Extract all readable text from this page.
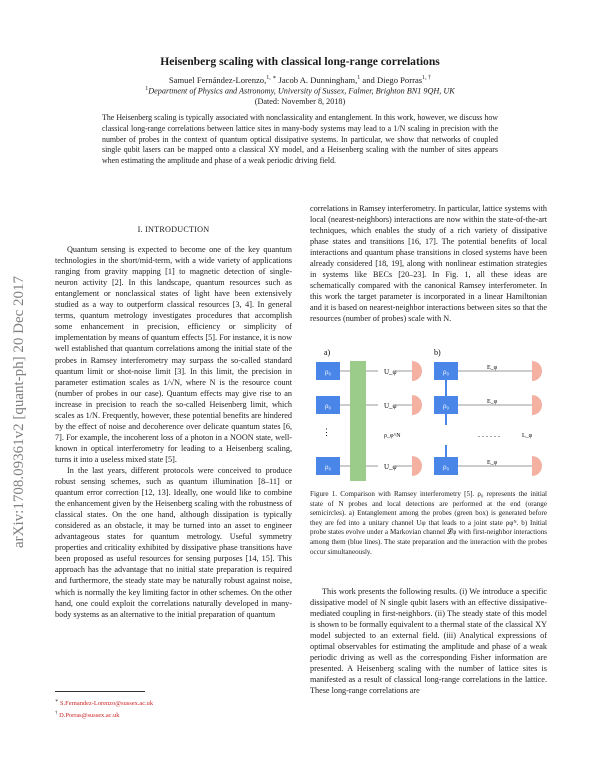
arXiv:1708.09361v2 [quant-ph] 20 Dec 2017
Heisenberg scaling with classical long-range correlations
Samuel Fernández-Lorenzo,$^{1, ∗}$ Jacob A. Dunningham,$^1$ and Diego Porras$^{1, \dagger}$
$^1$Department of Physics and Astronomy, University of Sussex, Falmer, Brighton BN1 9QH, UK
(Dated: November 8, 2018)
The Heisenberg scaling is typically associated with nonclassicality and entanglement. In this work, however, we discuss how classical long-range correlations between lattice sites in many-body systems may lead to a 1/N scaling in precision with the number of probes in the context of quantum optical dissipative systems. In particular, we show that networks of coupled single qubit lasers can be mapped onto a classical XY model, and a Heisenberg scaling with the number of sites appears when estimating the amplitude and phase of a weak periodic driving field.
I. INTRODUCTION

Quantum sensing is expected to become one of the key quantum technologies in the short/mid-term, with a wide variety of applications ranging from gravity mapping [1] to magnetic detection of single-neuron activity [2]. In this landscape, quantum resources such as entanglement or nonclassical states of light have been extensively studied as a way to outperform classical resources [3, 4]. In general terms, quantum metrology investigates procedures that accomplish some enhancement in precision, efficiency or simplicity of implementation by means of quantum effects [5]. For instance, it is now well established that quantum correlations among the initial state of the probes in Ramsey interferometry may surpass the so-called standard quantum limit or shot-noise limit [3]. In this limit, the precision in parameter estimation scales as 1/√N, where N is the resource count (number of probes in our case). Quantum effects may give rise to an increase in precision to reach the so-called Heisenberg limit, which scales as 1/N. Frequently, however, these potential benefits are hindered by the effect of noise and decoherence over delicate quantum states [6, 7]. For example, the incoherent loss of a photon in a NOON state, well-known in optical interferometry for leading to a Heisenberg scaling, turns it into a useless mixed state [5].

In the last years, different protocols were conceived to produce robust sensing schemes, such as quantum illumination [8–11] or quantum error correction [12, 13]. Ideally, one would like to combine the enhancement given by the Heisenberg scaling with the robustness of classical states. On the one hand, although dissipation is typically considered as an obstacle, it may be turned into an asset to engineer advantageous states for quantum metrology. Useful symmetry properties and criticality exhibited by dissipative phase transitions have been proposed as useful resources for sensing purposes [14, 15]. This approach has the advantage that no initial state preparation is required and furthermore, the steady state may be naturally robust against noise, which is normally the key limiting factor in other schemes. On the other hand, one could exploit the correlations naturally developed in many-body systems as an alternative to the initial preparation of quantum

∗ S.Fernandez-Lorenzo@sussex.ac.uk
† D.Porras@sussex.ac.uk

correlations in Ramsey interferometry. In particular, lattice systems with local (nearest-neighbors) interactions are now within the state-of-the-art techniques, which enables the study of a rich variety of dissipative phase states and transitions [16, 17]. The potential benefits of local interactions and quantum phase transitions in closed systems have been already considered [18, 19], along with nonlinear estimation strategies in systems like BECs [20–23]. In Fig. 1, all these ideas are schematically compared with the canonical Ramsey interferometer. In this work the target parameter is incorporated in a linear Hamiltonian and it is based on nearest-neighbor interactions between sites so that the resources (number of probes) scale with N.

a)
ρ₀	U_φ
ρ₀	U_φ
⋮	ρ_φ^N
ρ₀	U_φ
b)
ρ₀	E_φ
ρ₀	E_φ
. . . . . .	L_φ
ρ₀	E_φ
Figure 1. Comparison with Ramsey interferometry [5]. ρ₀ represents the initial state of N probes and local detections are performed at the end (orange semicircles). a) Entanglement among the probes (green box) is generated before they are fed into a unitary channel Uφ that leads to a joint state ρφᴺ. b) Initial probe states evolve under a Markovian channel 𝓛φ with first-neighbor interactions among them (blue lines). The state preparation and the interaction with the probes occur simultaneously.

This work presents the following results. (i) We introduce a specific dissipative model of N single qubit lasers with an effective dissipative-mediated coupling in first-neighbors. (ii) The steady state of this model is shown to be formally equivalent to a thermal state of the classical XY model subjected to an external field. (iii) Analytical expressions of optimal observables for estimating the amplitude and phase of a weak periodic driving as well as the corresponding Fisher information are presented. A Heisenberg scaling with the number of lattice sites is manifested as a result of classical long-range correlations in the lattice. These long-range correlations are
